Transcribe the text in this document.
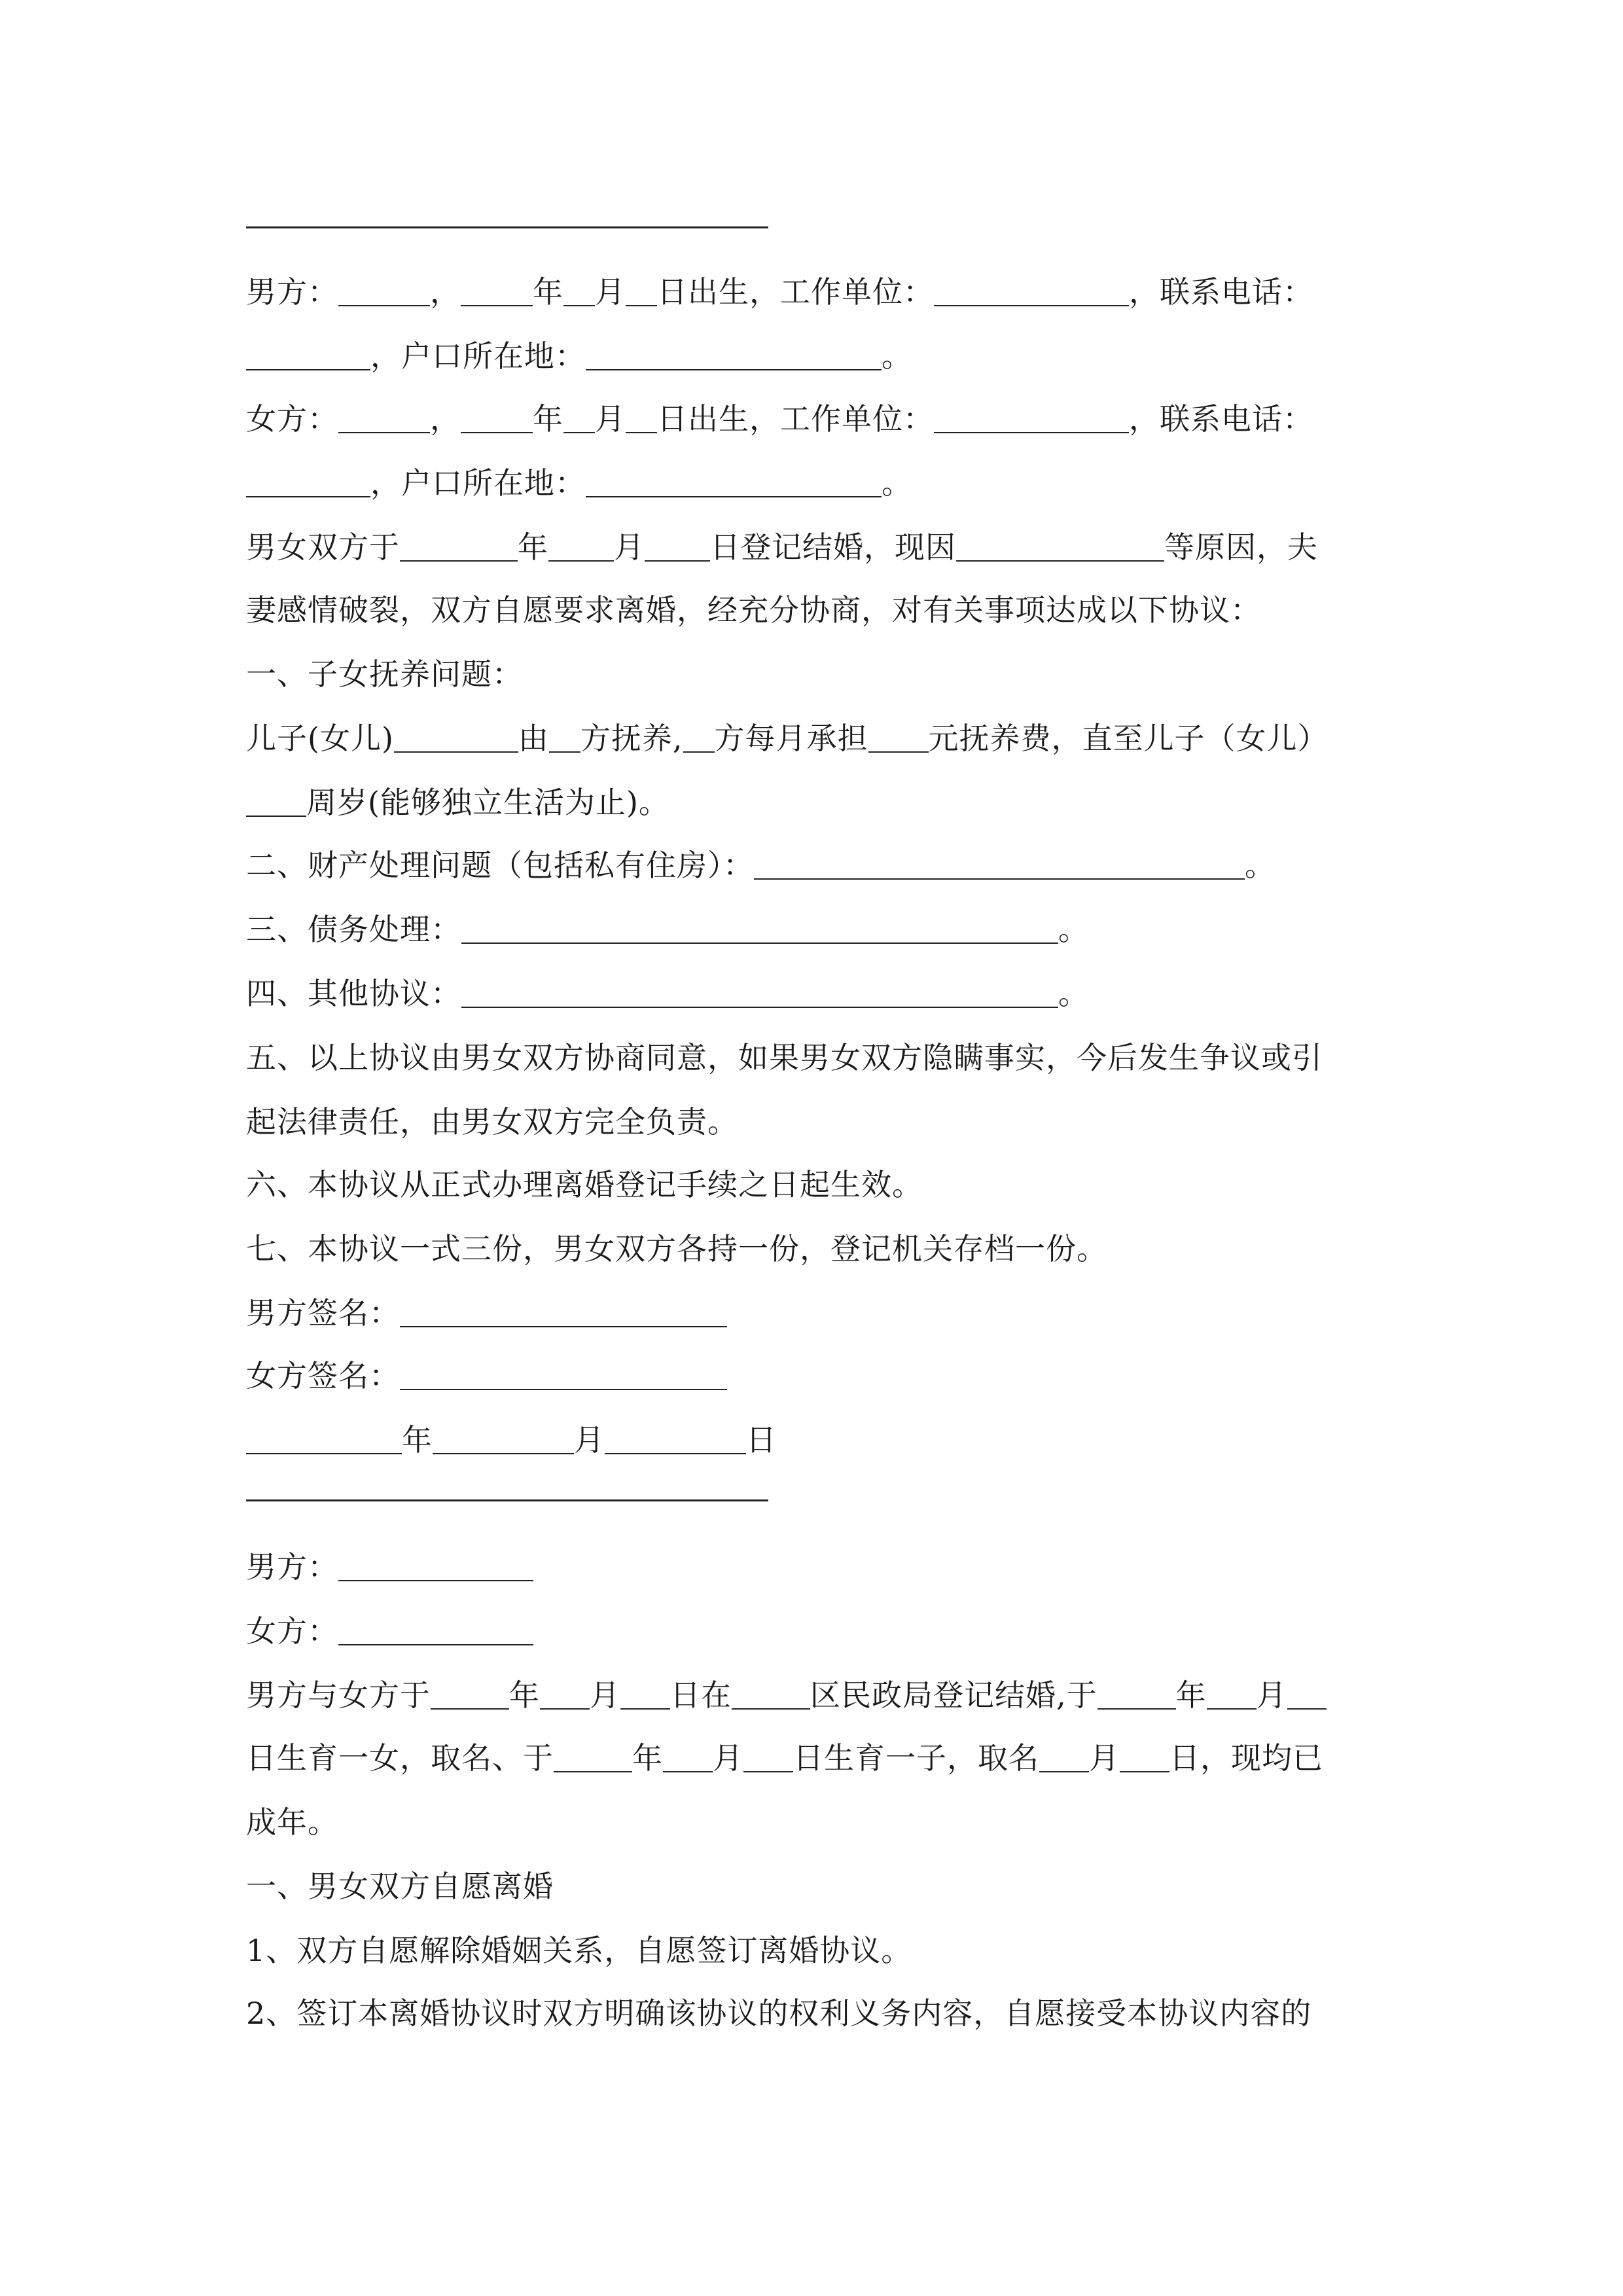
男方：	， 年 月 日出生，工作单位：	，联系电话：
，户口所在地：	。
女方：	， 年 月 日出生，工作单位：	，联系电话：
，户口所在地：	。
男女双方于	年 月 日登记结婚，现因	等原因，夫
妻感情破裂，双方自愿要求离婚，经充分协商，对有关事项达成以下协议：
一、子女抚养问题：
儿子(女儿)	由 方抚养, 方每月承担 元抚养费，直至儿子（女儿）
周岁(能够独立生活为止)。
二、财产处理问题（包括私有住房）：	。
三、债务处理：	。
四、其他协议：	。
五、以上协议由男女双方协商同意，如果男女双方隐瞒事实，今后发生争议或引
起法律责任，由男女双方完全负责。
六、本协议从正式办理离婚登记手续之日起生效。
七、本协议一式三份，男女双方各持一份，登记机关存档一份。
男方签名：
女方签名：
年	月	日
男方：
女方：
男方与女方于	年 月 日在	区民政局登记结婚,于	年 月
日生育一女，取名、于	年 月 日生育一子，取名 月 日，现均已
成年。
一、男女双方自愿离婚
1、双方自愿解除婚姻关系，自愿签订离婚协议。
2、签订本离婚协议时双方明确该协议的权利义务内容，自愿接受本协议内容的
